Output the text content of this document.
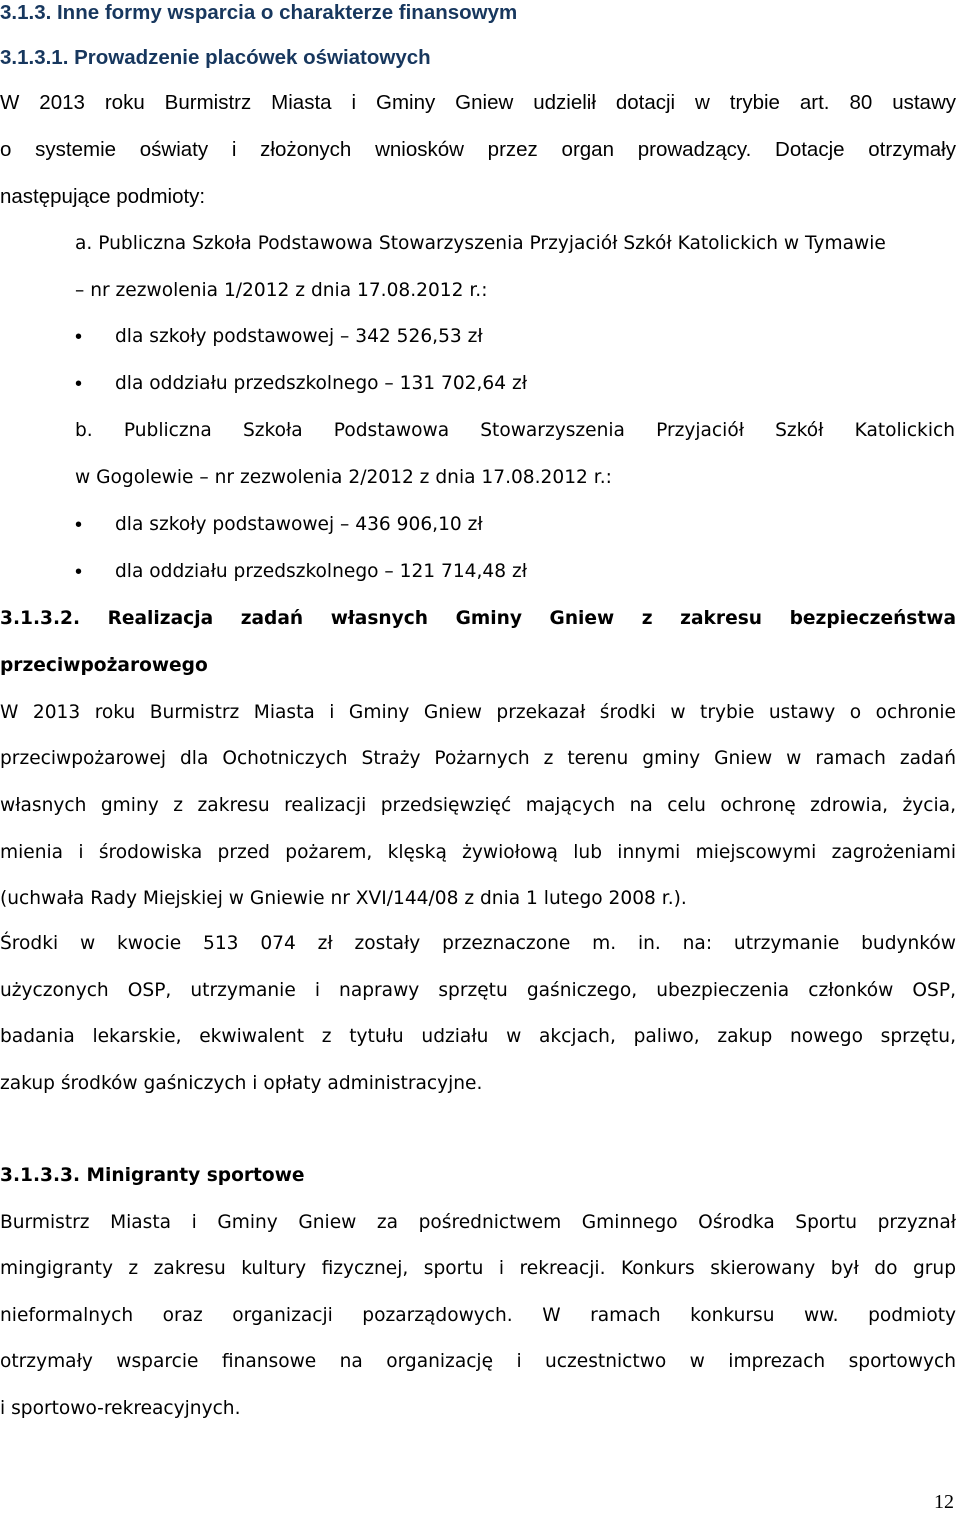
3.1.3. Inne formy wsparcia o charakterze finansowym
3.1.3.1. Prowadzenie placówek oświatowych
W 2013 roku Burmistrz Miasta i Gminy Gniew udzielił dotacji w trybie art. 80 ustawy
o systemie oświaty i złożonych wniosków przez organ prowadzący. Dotacje otrzymały
następujące podmioty:
a. Publiczna Szkoła Podstawowa Stowarzyszenia Przyjaciół Szkół Katolickich w Tymawie
– nr zezwolenia 1/2012 z dnia 17.08.2012 r.:
• dla szkoły podstawowej – 342 526,53 zł
• dla oddziału przedszkolnego – 131 702,64 zł
b. Publiczna Szkoła Podstawowa Stowarzyszenia Przyjaciół Szkół Katolickich
w Gogolewie – nr zezwolenia 2/2012 z dnia 17.08.2012 r.:
• dla szkoły podstawowej – 436 906,10 zł
• dla oddziału przedszkolnego – 121 714,48 zł
3.1.3.2. Realizacja zadań własnych Gminy Gniew z zakresu bezpieczeństwa
przeciwpożarowego
W 2013 roku Burmistrz Miasta i Gminy Gniew przekazał środki w trybie ustawy o ochronie
przeciwpożarowej dla Ochotniczych Straży Pożarnych z terenu gminy Gniew w ramach zadań
własnych gminy z zakresu realizacji przedsięwzięć mających na celu ochronę zdrowia, życia,
mienia i środowiska przed pożarem, klęską żywiołową lub innymi miejscowymi zagrożeniami
(uchwała Rady Miejskiej w Gniewie nr XVI/144/08 z dnia 1 lutego 2008 r.).
Środki w kwocie 513 074 zł zostały przeznaczone m. in. na: utrzymanie budynków
użyczonych OSP, utrzymanie i naprawy sprzętu gaśniczego, ubezpieczenia członków OSP,
badania lekarskie, ekwiwalent z tytułu udziału w akcjach, paliwo, zakup nowego sprzętu,
zakup środków gaśniczych i opłaty administracyjne.
3.1.3.3. Minigranty sportowe
Burmistrz Miasta i Gminy Gniew za pośrednictwem Gminnego Ośrodka Sportu przyznał
mingigranty z zakresu kultury fizycznej, sportu i rekreacji. Konkurs skierowany był do grup
nieformalnych oraz organizacji pozarządowych. W ramach konkursu ww. podmioty
otrzymały wsparcie finansowe na organizację i uczestnictwo w imprezach sportowych
i sportowo-rekreacyjnych.
12
